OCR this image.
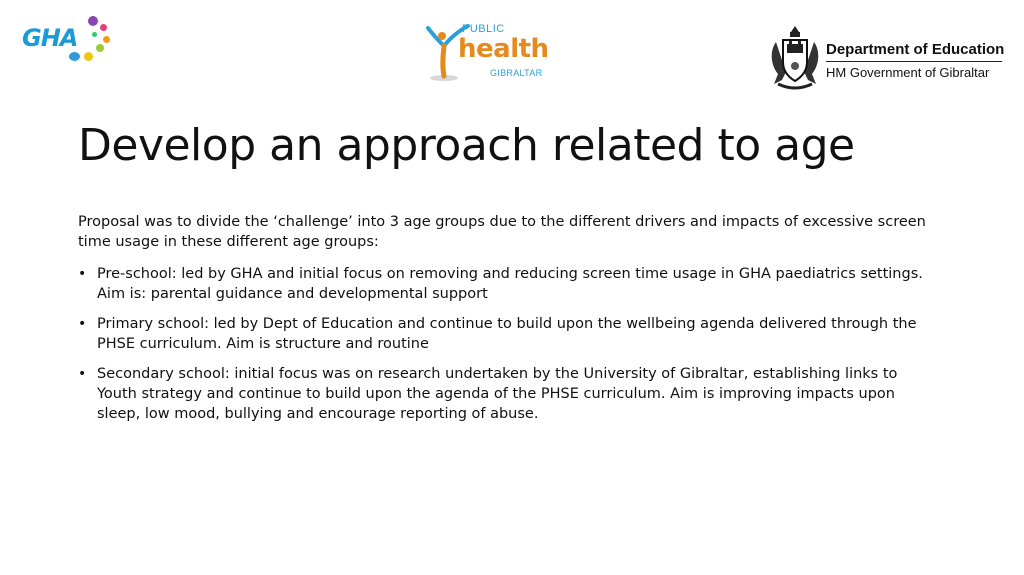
GHA	PUBLIC
health
GIBRALTAR
Department of Education
HM Government of Gibraltar
Develop an approach related to age

Proposal was to divide the ‘challenge’ into 3 age groups due to the different drivers and impacts of excessive screen time usage in these different age groups:

• Pre-school: led by GHA and initial focus on removing and reducing screen time usage in GHA paediatrics settings. Aim is: parental guidance and developmental support
• Primary school: led by Dept of Education and continue to build upon the wellbeing agenda delivered through the PHSE curriculum. Aim is structure and routine
• Secondary school: initial focus was on research undertaken by the University of Gibraltar, establishing links to Youth strategy and continue to build upon the agenda of the PHSE curriculum. Aim is improving impacts upon sleep, low mood, bullying and encourage reporting of abuse.
